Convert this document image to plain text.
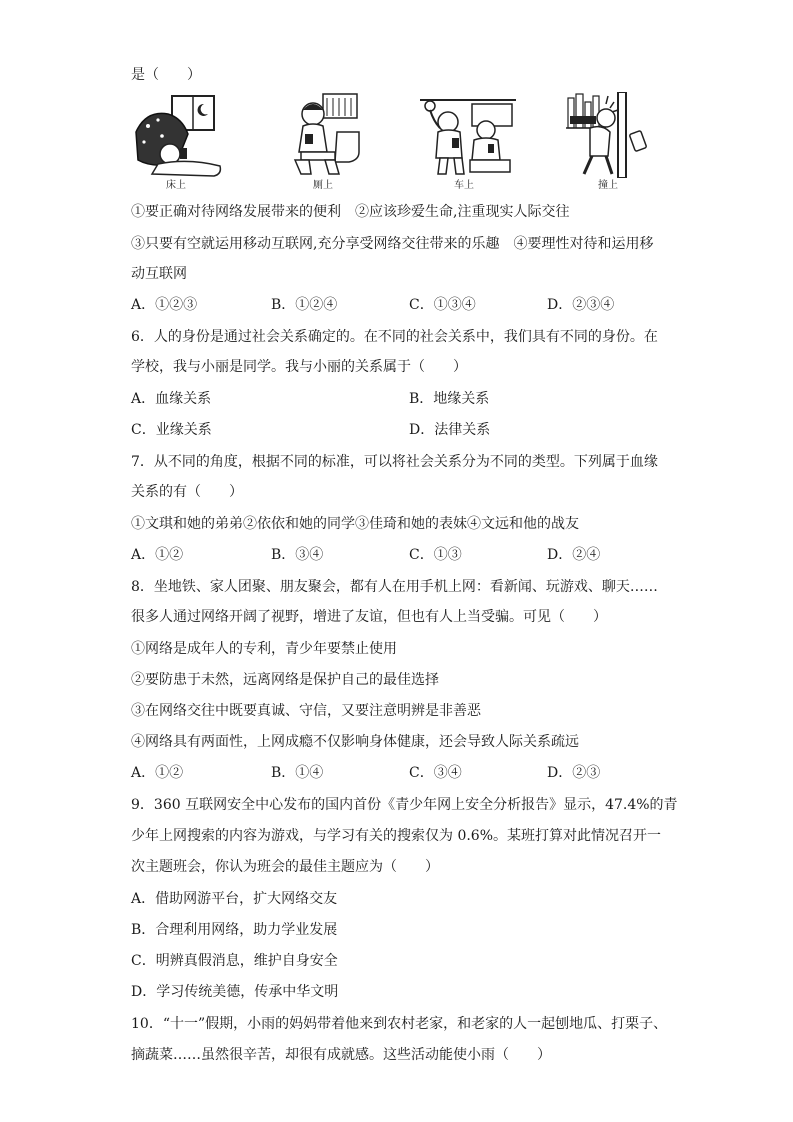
是（　　）
床上	厕上	车上	撞上
①要正确对待网络发展带来的便利　②应该珍爱生命,注重现实人际交往
③只要有空就运用移动互联网,充分享受网络交往带来的乐趣　④要理性对待和运用移
动互联网
A．①②③	B．①②④	C．①③④	D．②③④
6．人的身份是通过社会关系确定的。在不同的社会关系中，我们具有不同的身份。在
学校，我与小丽是同学。我与小丽的关系属于（　　）
A．血缘关系	B．地缘关系
C．业缘关系	D．法律关系
7．从不同的角度，根据不同的标准，可以将社会关系分为不同的类型。下列属于血缘
关系的有（　　）
①文琪和她的弟弟②依依和她的同学③佳琦和她的表妹④文远和他的战友
A．①②	B．③④	C．①③	D．②④
8．坐地铁、家人团聚、朋友聚会，都有人在用手机上网：看新闻、玩游戏、聊天……
很多人通过网络开阔了视野，增进了友谊，但也有人上当受骗。可见（　　）
①网络是成年人的专利，青少年要禁止使用
②要防患于未然，远离网络是保护自己的最佳选择
③在网络交往中既要真诚、守信，又要注意明辨是非善恶
④网络具有两面性，上网成瘾不仅影响身体健康，还会导致人际关系疏远
A．①②	B．①④	C．③④	D．②③
9．360 互联网安全中心发布的国内首份《青少年网上安全分析报告》显示，47.4%的青
少年上网搜索的内容为游戏，与学习有关的搜索仅为 0.6%。某班打算对此情况召开一
次主题班会，你认为班会的最佳主题应为（　　）
A．借助网游平台，扩大网络交友
B．合理利用网络，助力学业发展
C．明辨真假消息，维护自身安全
D．学习传统美德，传承中华文明
10．“十一”假期，小雨的妈妈带着他来到农村老家，和老家的人一起刨地瓜、打栗子、
摘蔬菜……虽然很辛苦，却很有成就感。这些活动能使小雨（　　）
